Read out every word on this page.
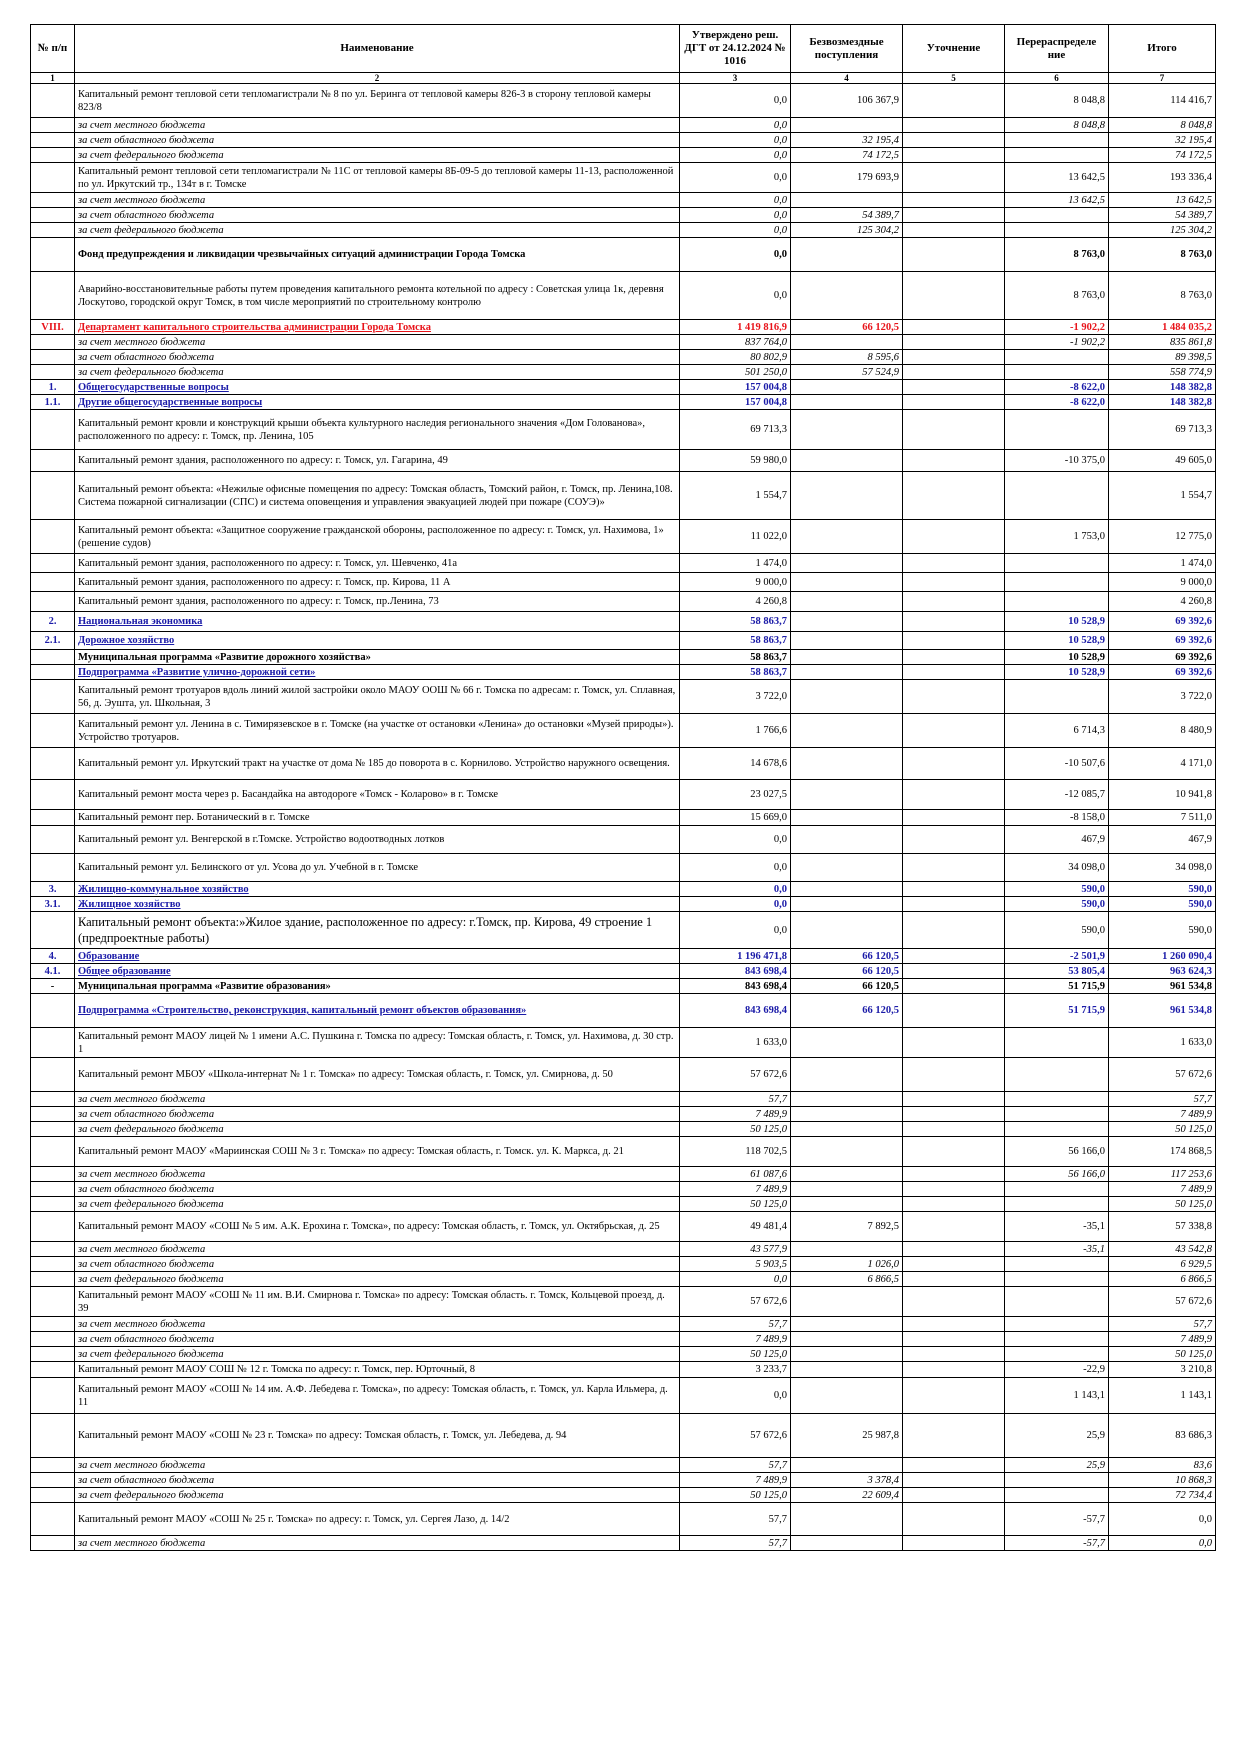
№ п/п	Наименование	Утверждено реш. ДГТ от 24.12.2024 № 1016	Безвозмездные поступления	Уточнение	Перераспределе ние	Итого
1	2	3	4	5	6	7
	Капитальный ремонт тепловой сети тепломагистрали № 8 по ул. Беринга от тепловой камеры 826-3 в сторону тепловой камеры 823/8	0,0	106 367,9		8 048,8	114 416,7
	за счет местного бюджета	0,0			8 048,8	8 048,8
	за счет областного бюджета	0,0	32 195,4			32 195,4
	за счет федерального бюджета	0,0	74 172,5			74 172,5
	Капитальный ремонт тепловой сети тепломагистрали № 11С от тепловой камеры 8Б-09-5 до тепловой камеры 11-13, расположенной по ул. Иркутский тр., 134т в г. Томске	0,0	179 693,9		13 642,5	193 336,4
	за счет местного бюджета	0,0			13 642,5	13 642,5
	за счет областного бюджета	0,0	54 389,7			54 389,7
	за счет федерального бюджета	0,0	125 304,2			125 304,2
	Фонд предупреждения и ликвидации чрезвычайных ситуаций администрации Города Томска	0,0			8 763,0	8 763,0
	Аварийно-восстановительные работы путем проведения капитального ремонта котельной по адресу : Советская улица 1к, деревня Лоскутово, городской округ Томск, в том числе мероприятий по строительному контролю	0,0			8 763,0	8 763,0
VIII.	Департамент капитального строительства администрации Города Томска	1 419 816,9	66 120,5		-1 902,2	1 484 035,2
	за счет местного бюджета	837 764,0			-1 902,2	835 861,8
	за счет областного бюджета	80 802,9	8 595,6			89 398,5
	за счет федерального бюджета	501 250,0	57 524,9			558 774,9
1.	Общегосударственные вопросы	157 004,8			-8 622,0	148 382,8
1.1.	Другие общегосударственные вопросы	157 004,8			-8 622,0	148 382,8
	Капитальный ремонт кровли и конструкций крыши объекта культурного наследия регионального значения «Дом Голованова», расположенного по адресу: г. Томск, пр. Ленина, 105	69 713,3				69 713,3
	Капитальный ремонт здания, расположенного по адресу: г. Томск, ул. Гагарина, 49	59 980,0			-10 375,0	49 605,0
	Капитальный ремонт объекта: «Нежилые офисные помещения по адресу: Томская область, Томский район, г. Томск, пр. Ленина,108. Система пожарной сигнализации (СПС) и система оповещения и управления эвакуацией людей при пожаре (СОУЭ)»	1 554,7				1 554,7
	Капитальный ремонт объекта: «Защитное сооружение гражданской обороны, расположенное по адресу: г. Томск, ул. Нахимова, 1» (решение судов)	11 022,0			1 753,0	12 775,0
	Капитальный ремонт здания, расположенного по адресу: г. Томск, ул. Шевченко, 41а	1 474,0				1 474,0
	Капитальный ремонт здания, расположенного по адресу: г. Томск, пр. Кирова, 11 А	9 000,0				9 000,0
	Капитальный ремонт здания, расположенного по адресу: г. Томск, пр.Ленина, 73	4 260,8				4 260,8
2.	Национальная экономика	58 863,7			10 528,9	69 392,6
2.1.	Дорожное хозяйство	58 863,7			10 528,9	69 392,6
	Муниципальная программа «Развитие дорожного хозяйства»	58 863,7			10 528,9	69 392,6
	Подпрограмма «Развитие улично-дорожной сети»	58 863,7			10 528,9	69 392,6
	Капитальный ремонт тротуаров вдоль линий жилой застройки около МАОУ ООШ № 66 г. Томска по адресам: г. Томск, ул. Сплавная, 56, д. Эушта, ул. Школьная, 3	3 722,0				3 722,0
	Капитальный ремонт ул. Ленина в с. Тимирязевское в г. Томске (на участке от остановки «Ленина» до остановки «Музей природы»). Устройство тротуаров.	1 766,6			6 714,3	8 480,9
	Капитальный ремонт ул. Иркутский тракт на участке от дома № 185 до поворота в с. Корнилово. Устройство наружного освещения.	14 678,6			-10 507,6	4 171,0
	Капитальный ремонт моста через р. Басандайка на автодороге «Томск - Коларово» в г. Томске	23 027,5			-12 085,7	10 941,8
	Капитальный ремонт пер. Ботанический в г. Томске	15 669,0			-8 158,0	7 511,0
	Капитальный ремонт ул. Венгерской в г.Томске. Устройство водоотводных лотков	0,0			467,9	467,9
	Капитальный ремонт ул. Белинского от ул. Усова до ул. Учебной в г. Томске	0,0			34 098,0	34 098,0
3.	Жилищно-коммунальное хозяйство	0,0			590,0	590,0
3.1.	Жилищное хозяйство	0,0			590,0	590,0
	Капитальный ремонт объекта:»Жилое здание, расположенное по адресу: г.Томск, пр. Кирова, 49 строение 1 (предпроектные работы)	0,0			590,0	590,0
4.	Образование	1 196 471,8	66 120,5		-2 501,9	1 260 090,4
4.1.	Общее образование	843 698,4	66 120,5		53 805,4	963 624,3
-	Муниципальная программа «Развитие образования»	843 698,4	66 120,5		51 715,9	961 534,8
	Подпрограмма «Строительство, реконструкция, капитальный ремонт объектов образования»	843 698,4	66 120,5		51 715,9	961 534,8
	Капитальный ремонт МАОУ лицей № 1 имени А.С. Пушкина г. Томска по адресу: Томская область, г. Томск, ул. Нахимова, д. 30 стр. 1	1 633,0				1 633,0
	Капитальный ремонт МБОУ «Школа-интернат № 1 г. Томска» по адресу: Томская область, г. Томск, ул. Смирнова, д. 50	57 672,6				57 672,6
	за счет местного бюджета	57,7				57,7
	за счет областного бюджета	7 489,9				7 489,9
	за счет федерального бюджета	50 125,0				50 125,0
	Капитальный ремонт МАОУ «Мариинская СОШ № 3 г. Томска» по адресу: Томская область, г. Томск. ул. К. Маркса, д. 21	118 702,5			56 166,0	174 868,5
	за счет местного бюджета	61 087,6			56 166,0	117 253,6
	за счет областного бюджета	7 489,9				7 489,9
	за счет федерального бюджета	50 125,0				50 125,0
	Капитальный ремонт МАОУ «СОШ № 5 им. А.К. Ерохина г. Томска», по адресу: Томская область, г. Томск, ул. Октябрьская, д. 25	49 481,4	7 892,5		-35,1	57 338,8
	за счет местного бюджета	43 577,9			-35,1	43 542,8
	за счет областного бюджета	5 903,5	1 026,0			6 929,5
	за счет федерального бюджета	0,0	6 866,5			6 866,5
	Капитальный ремонт МАОУ «СОШ № 11 им. В.И. Смирнова г. Томска» по адресу: Томская область. г. Томск, Кольцевой проезд, д. 39	57 672,6				57 672,6
	за счет местного бюджета	57,7				57,7
	за счет областного бюджета	7 489,9				7 489,9
	за счет федерального бюджета	50 125,0				50 125,0
	Капитальный ремонт МАОУ СОШ № 12 г. Томска по адресу: г. Томск, пер. Юрточный, 8	3 233,7			-22,9	3 210,8
	Капитальный ремонт МАОУ «СОШ № 14 им. А.Ф. Лебедева г. Томска», по адресу: Томская область, г. Томск, ул. Карла Ильмера, д. 11	0,0			1 143,1	1 143,1
	Капитальный ремонт МАОУ «СОШ № 23 г. Томска» по адресу: Томская область, г. Томск, ул. Лебедева, д. 94	57 672,6	25 987,8		25,9	83 686,3
	за счет местного бюджета	57,7			25,9	83,6
	за счет областного бюджета	7 489,9	3 378,4			10 868,3
	за счет федерального бюджета	50 125,0	22 609,4			72 734,4
	Капитальный ремонт МАОУ «СОШ № 25 г. Томска» по адресу: г. Томск, ул. Сергея Лазо, д. 14/2	57,7			-57,7	0,0
	за счет местного бюджета	57,7			-57,7	0,0
